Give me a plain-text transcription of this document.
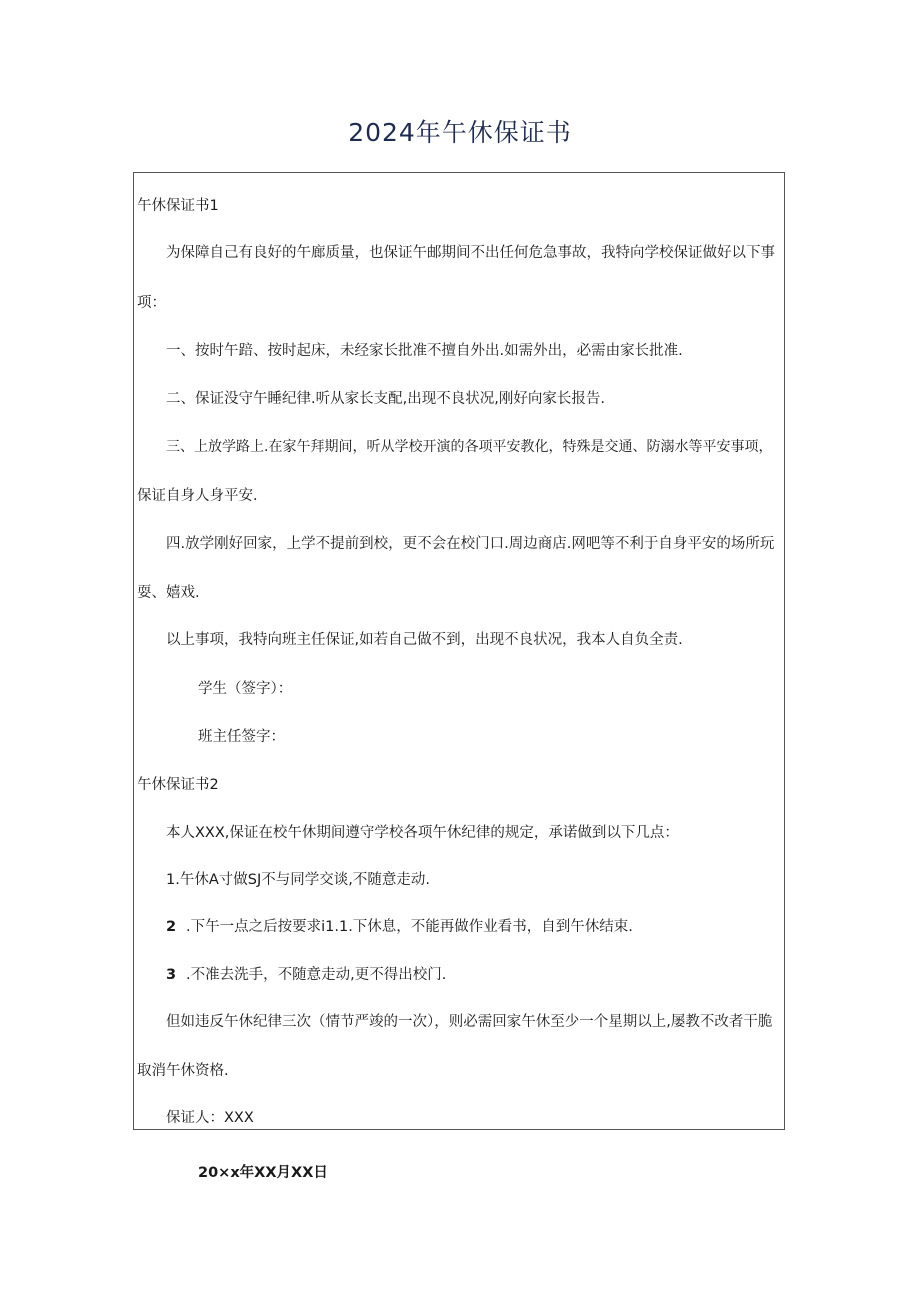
2024年午休保证书
午休保证书1
为保障自己有良好的午廊质量，也保证午邮期间不出任何危急事故，我特向学校保证做好以下事
项：
一、按时午踣、按时起床，未经家长批准不擅自外出.如需外出，必需由家长批准.
二、保证没守午睡纪律.听从家长支配,出现不良状况,刚好向家长报告.
三、上放学路上.在家午拜期间，听从学校开演的各项平安教化，特殊是交通、防溺水等平安事项，
保证自身人身平安.
四.放学刚好回家，上学不提前到校，更不会在校门口.周边商店.网吧等不利于自身平安的场所玩
耍、嬉戏.
以上事项，我特向班主任保证,如若自己做不到，出现不良状况，我本人自负全责.
学生（签字）：
班主任签字：
午休保证书2
本人XXX,保证在校午休期间遵守学校各项午休纪律的规定，承诺做到以下几点：
1.午休A寸做SJ不与同学交谈,不随意走动.
2 .下午一点之后按要求i1.1.下休息，不能再做作业看书，自到午休结束.
3 .不准去洗手，不随意走动,更不得出校门.
但如违反午休纪律三次（情节严竣的一次），则必需回家午休至少一个星期以上,屡教不改者干脆
取消午休资格.
保证人：XXX
20×x年XX月XX日
